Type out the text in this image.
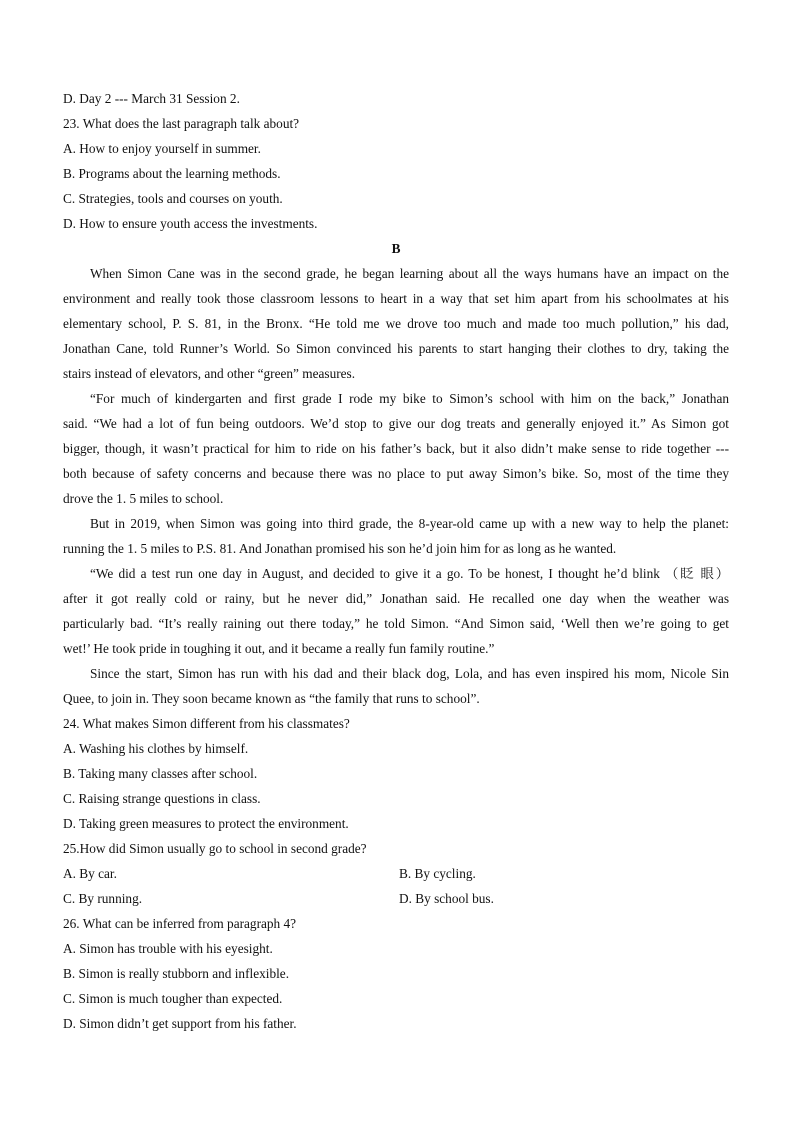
D. Day 2 --- March 31 Session 2.
23. What does the last paragraph talk about?
A. How to enjoy yourself in summer.
B. Programs about the learning methods.
C. Strategies, tools and courses on youth.
D. How to ensure youth access the investments.
B
When Simon Cane was in the second grade, he began learning about all the ways humans have an impact on the
environment and really took those classroom lessons to heart in a way that set him apart from his schoolmates at his
elementary school, P. S. 81, in the Bronx. “He told me we drove too much and made too much pollution,” his dad,
Jonathan Cane, told Runner’s World. So Simon convinced his parents to start hanging their clothes to dry, taking the
stairs instead of elevators, and other “green” measures.
“For much of kindergarten and first grade I rode my bike to Simon’s school with him on the back,” Jonathan
said. “We had a lot of fun being outdoors. We’d stop to give our dog treats and generally enjoyed it.” As Simon got
bigger, though, it wasn’t practical for him to ride on his father’s back, but it also didn’t make sense to ride together ---
both because of safety concerns and because there was no place to put away Simon’s bike. So, most of the time they
drove the 1. 5 miles to school.
But in 2019, when Simon was going into third grade, the 8-year-old came up with a new way to help the planet:
running the 1. 5 miles to P.S. 81. And Jonathan promised his son he’d join him for as long as he wanted.
“We did a test run one day in August, and decided to give it a go. To be honest, I thought he’d blink （眨 眼）
after it got really cold or rainy, but he never did,” Jonathan said. He recalled one day when the weather was
particularly bad. “It’s really raining out there today,” he told Simon. “And Simon said, ‘Well then we’re going to get
wet!’ He took pride in toughing it out, and it became a really fun family routine.”
Since the start, Simon has run with his dad and their black dog, Lola, and has even inspired his mom, Nicole Sin
Quee, to join in. They soon became known as “the family that runs to school”.
24. What makes Simon different from his classmates?
A. Washing his clothes by himself.
B. Taking many classes after school.
C. Raising strange questions in class.
D. Taking green measures to protect the environment.
25.How did Simon usually go to school in second grade?
A. By car.	B. By cycling.
C. By running.	D. By school bus.
26. What can be inferred from paragraph 4?
A. Simon has trouble with his eyesight.
B. Simon is really stubborn and inflexible.
C. Simon is much tougher than expected.
D. Simon didn’t get support from his father.
